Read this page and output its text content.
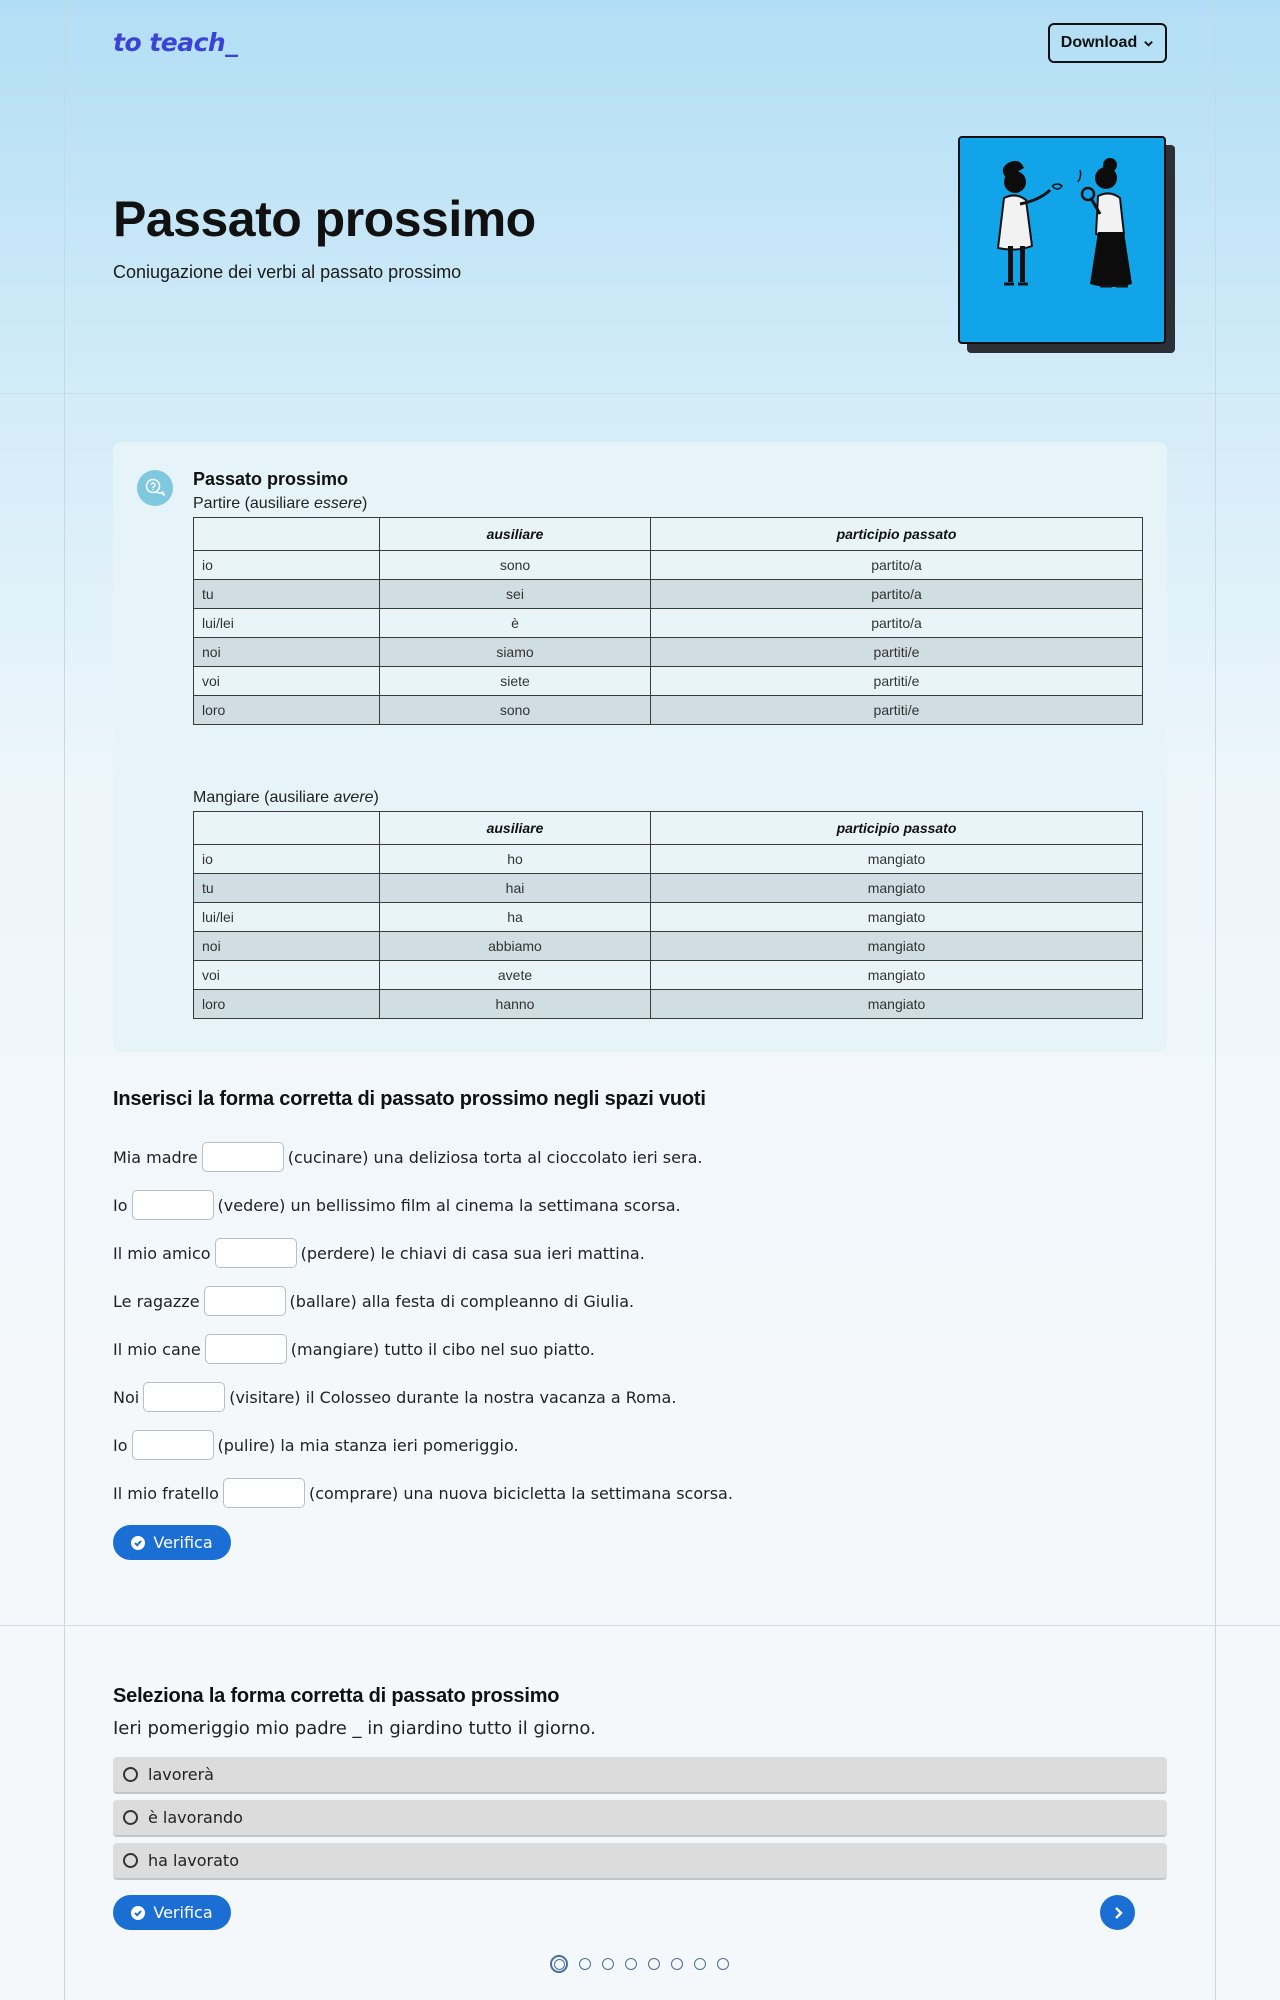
to teach_	Download
Passato prossimo

Coniugazione dei verbi al passato prossimo

Passato prossimo
Partire (ausiliare essere)
	ausiliare	participio passato
io	sono	partito/a
tu	sei	partito/a
lui/lei	è	partito/a
noi	siamo	partiti/e
voi	siete	partiti/e
loro	sono	partiti/e
Mangiare (ausiliare avere)
	ausiliare	participio passato
io	ho	mangiato
tu	hai	mangiato
lui/lei	ha	mangiato
noi	abbiamo	mangiato
voi	avete	mangiato
loro	hanno	mangiato
Inserisci la forma corretta di passato prossimo negli spazi vuoti
Mia madre	(cucinare) una deliziosa torta al cioccolato ieri sera.
Io	(vedere) un bellissimo film al cinema la settimana scorsa.
Il mio amico	(perdere) le chiavi di casa sua ieri mattina.
Le ragazze	(ballare) alla festa di compleanno di Giulia.
Il mio cane	(mangiare) tutto il cibo nel suo piatto.
Noi	(visitare) il Colosseo durante la nostra vacanza a Roma.
Io	(pulire) la mia stanza ieri pomeriggio.
Il mio fratello	(comprare) una nuova bicicletta la settimana scorsa.
Verifica
Seleziona la forma corretta di passato prossimo

Ieri pomeriggio mio padre _ in giardino tutto il giorno.

lavorerà
è lavorando
ha lavorato
Verifica
